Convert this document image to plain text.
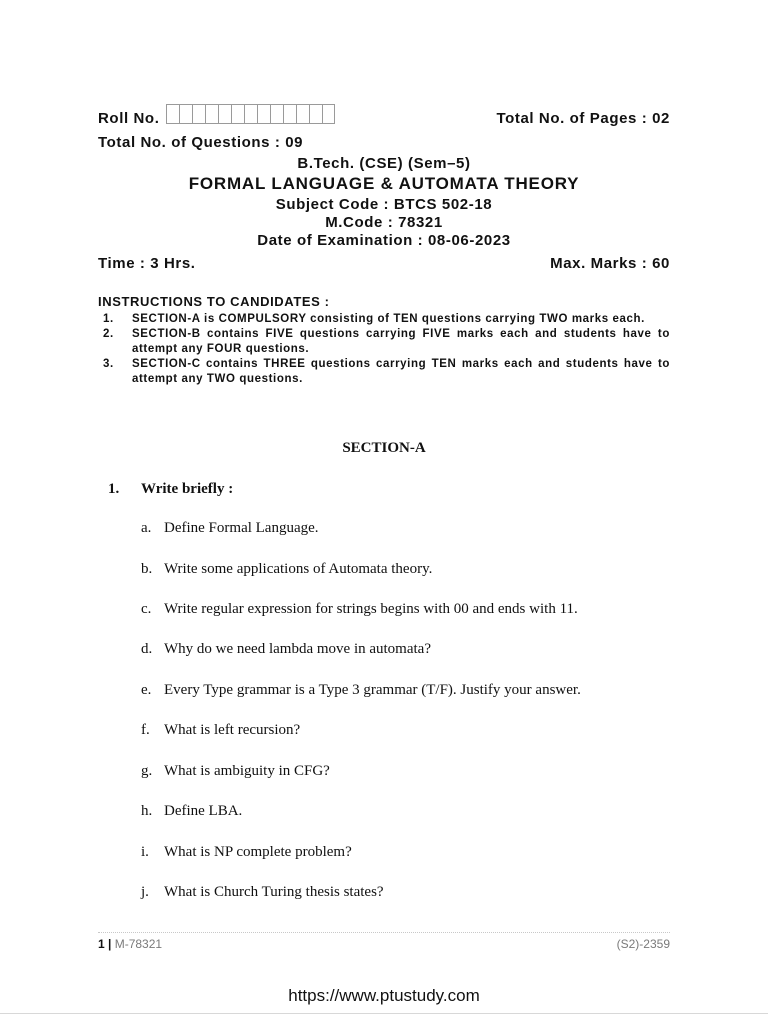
Roll No.	Total No. of Pages : 02
Total No. of Questions : 09
B.Tech. (CSE) (Sem–5)
FORMAL LANGUAGE & AUTOMATA THEORY
Subject Code : BTCS 502-18
M.Code : 78321
Date of Examination : 08-06-2023
Time : 3 Hrs.	Max. Marks : 60
INSTRUCTIONS TO CANDIDATES :
1.	SECTION-A is COMPULSORY consisting of TEN questions carrying TWO marks each.
2.	SECTION-B contains FIVE questions carrying FIVE marks each and students have to attempt any FOUR questions.
3.	SECTION-C contains THREE questions carrying TEN marks each and students have to attempt any TWO questions.
SECTION-A
1. Write briefly :
a. Define Formal Language.
b. Write some applications of Automata theory.
c. Write regular expression for strings begins with 00 and ends with 11.
d. Why do we need lambda move in automata?
e. Every Type grammar is a Type 3 grammar (T/F). Justify your answer.
f. What is left recursion?
g. What is ambiguity in CFG?
h. Define LBA.
i.	What is NP complete problem?
j.	What is Church Turing thesis states?
1 | M-78321	(S2)-2359
https://www.ptustudy.com
